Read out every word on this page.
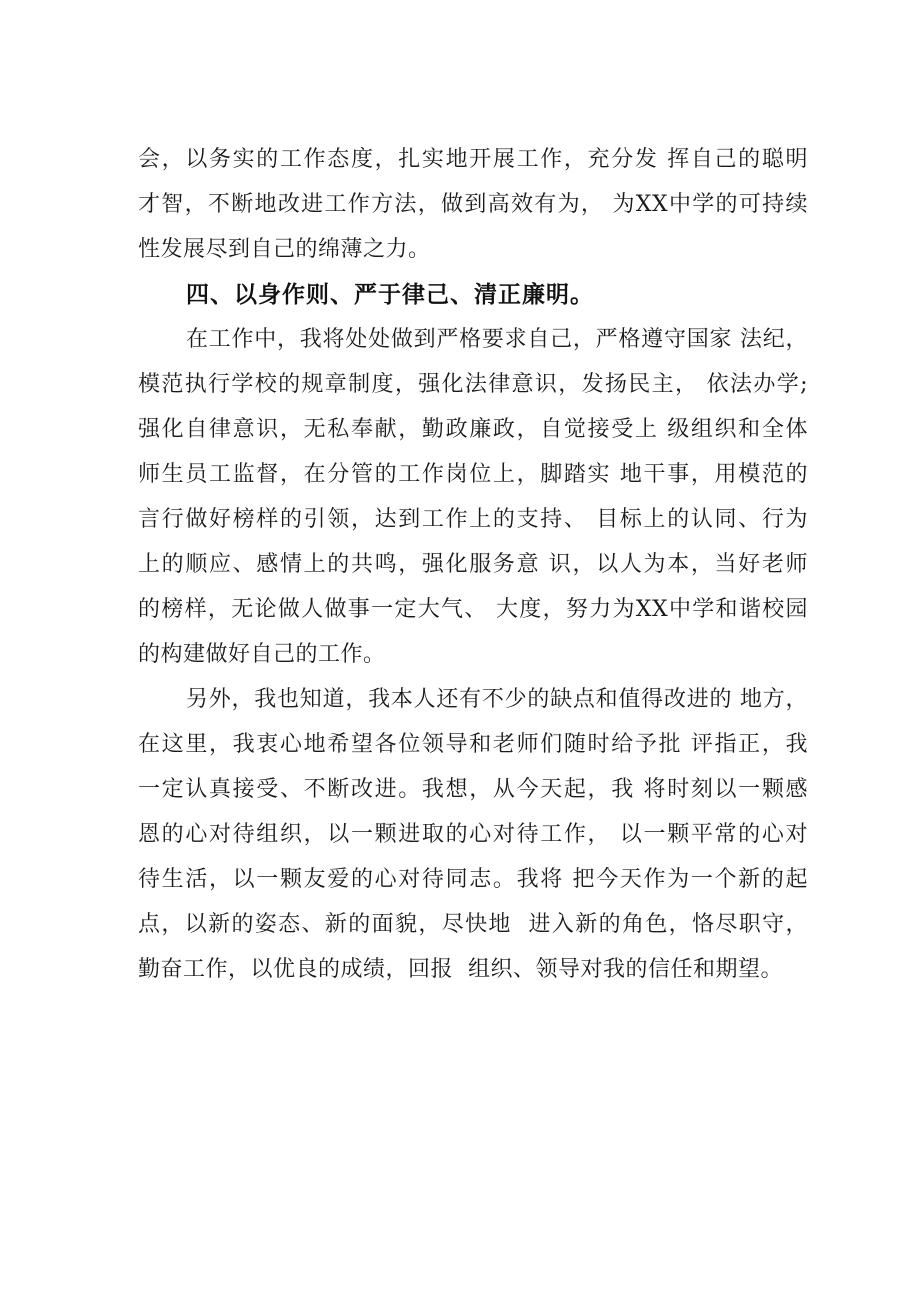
会，以务实的工作态度，扎实地开展工作，充分发 挥自己的聪明
才智，不断地改进工作方法，做到高效有为， 为XX中学的可持续
性发展尽到自己的绵薄之力。
四、以身作则、严于律己、清正廉明。
在工作中，我将处处做到严格要求自己，严格遵守国家 法纪，
模范执行学校的规章制度，强化法律意识，发扬民主， 依法办学;
强化自律意识，无私奉献，勤政廉政，自觉接受上 级组织和全体
师生员工监督，在分管的工作岗位上，脚踏实 地干事，用模范的
言行做好榜样的引领，达到工作上的支持、 目标上的认同、行为
上的顺应、感情上的共鸣，强化服务意 识，以人为本，当好老师
的榜样，无论做人做事一定大气、 大度，努力为XX中学和谐校园
的构建做好自己的工作。
另外，我也知道，我本人还有不少的缺点和值得改进的 地方，
在这里，我衷心地希望各位领导和老师们随时给予批 评指正，我
一定认真接受、不断改进。我想，从今天起，我 将时刻以一颗感
恩的心对待组织，以一颗进取的心对待工作， 以一颗平常的心对
待生活，以一颗友爱的心对待同志。我将 把今天作为一个新的起
点，以新的姿态、新的面貌，尽快地  进入新的角色，恪尽职守，
勤奋工作，以优良的成绩，回报  组织、领导对我的信任和期望。
